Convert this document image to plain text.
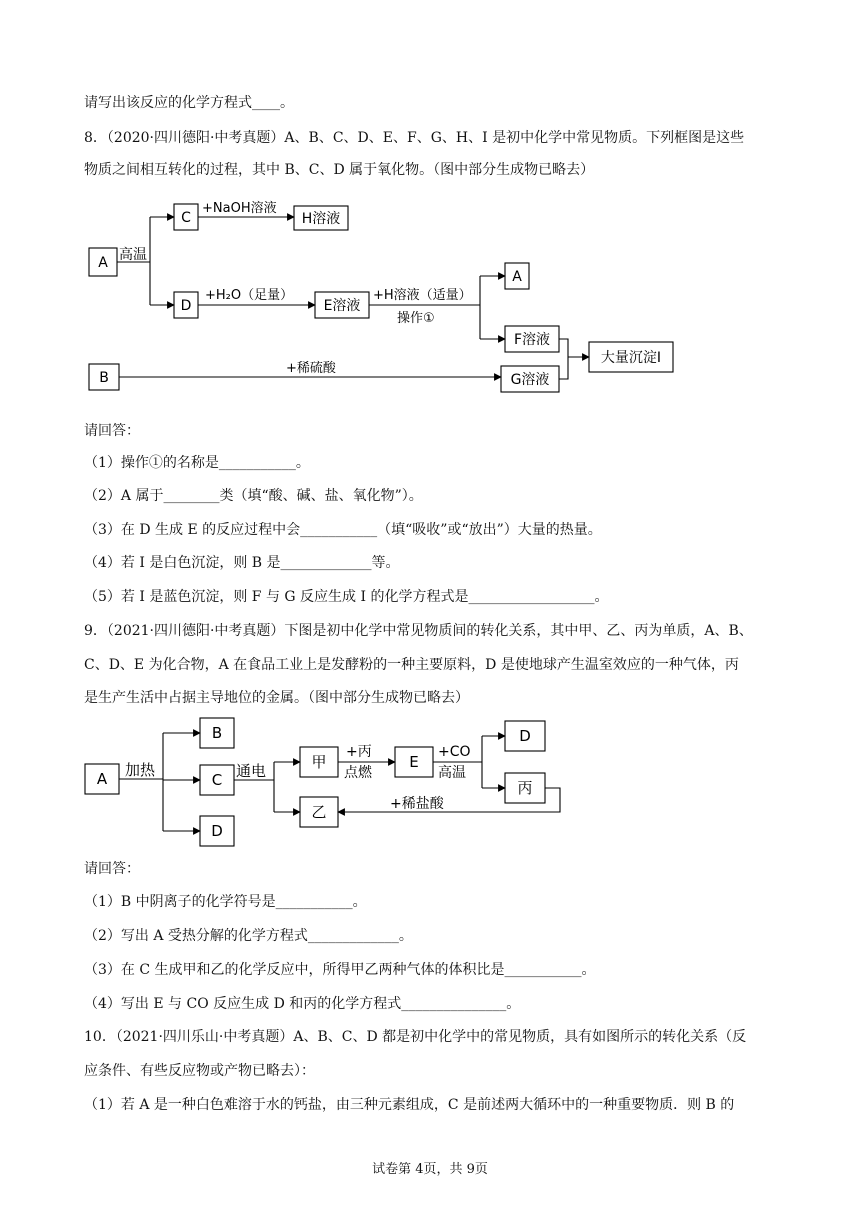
请写出该反应的化学方程式____。
8．（2020·四川德阳·中考真题）A、B、C、D、E、F、G、H、I 是初中化学中常见物质。下列框图是这些
物质之间相互转化的过程，其中 B、C、D 属于氧化物。（图中部分生成物已略去）
A
C	H溶液
D	E溶液
A
F溶液
B	G溶液
大量沉淀I
高温
+NaOH溶液
+H₂O（足量）	+H溶液（适量）
操作①
+稀硫酸
请回答：
（1）操作①的名称是___________。
（2）A 属于________类（填“酸、碱、盐、氧化物”）。
（3）在 D 生成 E 的反应过程中会___________（填“吸收”或“放出”）大量的热量。
（4）若 I 是白色沉淀，则 B 是_____________等。
（5）若 I 是蓝色沉淀，则 F 与 G 反应生成 I 的化学方程式是__________________。
9．（2021·四川德阳·中考真题）下图是初中化学中常见物质间的转化关系，其中甲、乙、丙为单质，A、B、
C、D、E 为化合物，A 在食品工业上是发酵粉的一种主要原料，D 是使地球产生温室效应的一种气体，丙
是生产生活中占据主导地位的金属。（图中部分生成物已略去）
A
B
C
D
甲	E
D
丙
乙
加热	通电
+丙
点燃
+CO
高温
+稀盐酸
请回答：
（1）B 中阴离子的化学符号是___________。
（2）写出 A 受热分解的化学方程式_____________。
（3）在 C 生成甲和乙的化学反应中，所得甲乙两种气体的体积比是___________。
（4）写出 E 与 CO 反应生成 D 和丙的化学方程式_______________。
10．（2021·四川乐山·中考真题）A、B、C、D 都是初中化学中的常见物质，具有如图所示的转化关系（反
应条件、有些反应物或产物已略去）：
（1）若 A 是一种白色难溶于水的钙盐，由三种元素组成，C 是前述两大循环中的一种重要物质．则 B 的
试卷第 4页，共 9页
